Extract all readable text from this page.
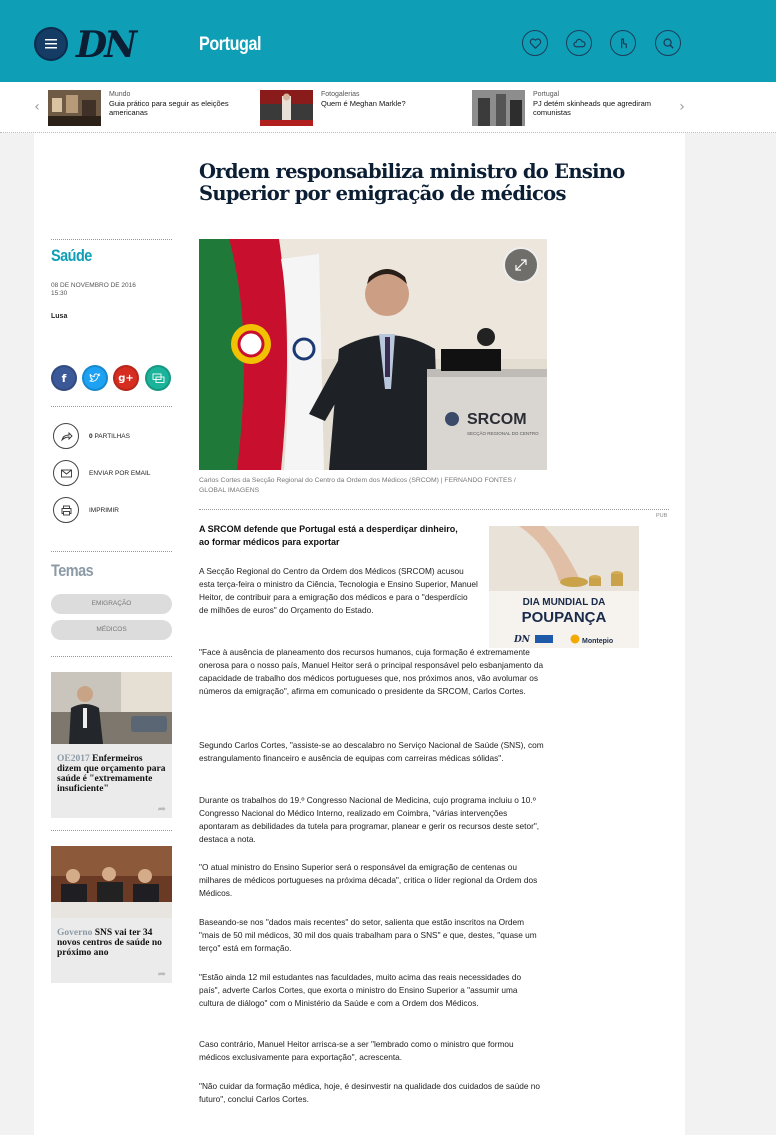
DN	Portugal
‹
Mundo
Guia prático para seguir as eleições americanas
Fotogalerias
Quem é Meghan Markle?
Portugal
PJ detém skinheads que agrediram comunistas	›
Saúde
08 DE NOVEMBRO DE 2016
15:30
Lusa
f	g+
0 PARTILHAS
ENVIAR POR EMAIL
IMPRIMIR
Temas
EMIGRAÇÃO
MÉDICOS
OE2017 Enfermeiros dizem que orçamento para saúde é "extremamente insuficiente"
➦
Governo SNS vai ter 34 novos centros de saúde no próximo ano
➦
Ordem responsabiliza ministro do Ensino Superior por emigração de médicos
SRCOM
SECÇÃO REGIONAL DO CENTRO
Carlos Cortes da Secção Regional do Centro da Ordem dos Médicos (SRCOM) | FERNANDO FONTES / GLOBAL IMAGENS
PUB
DIA MUNDIAL DA
POUPANÇA
DN	Montepio
A SRCOM defende que Portugal está a desperdiçar dinheiro, ao formar médicos para exportar

A Secção Regional do Centro da Ordem dos Médicos (SRCOM) acusou esta terça-feira o ministro da Ciência, Tecnologia e Ensino Superior, Manuel Heitor, de contribuir para a emigração dos médicos e para o "desperdício de milhões de euros" do Orçamento do Estado.

"Face à ausência de planeamento dos recursos humanos, cuja formação é extremamente onerosa para o nosso país, Manuel Heitor será o principal responsável pelo esbanjamento da capacidade de trabalho dos médicos portugueses que, nos próximos anos, vão avolumar os números da emigração", afirma em comunicado o presidente da SRCOM, Carlos Cortes.

Segundo Carlos Cortes, "assiste-se ao descalabro no Serviço Nacional de Saúde (SNS), com estrangulamento financeiro e ausência de equipas com carreiras médicas sólidas".

Durante os trabalhos do 19.º Congresso Nacional de Medicina, cujo programa incluiu o 10.º Congresso Nacional do Médico Interno, realizado em Coimbra, "várias intervenções apontaram as debilidades da tutela para programar, planear e gerir os recursos deste setor", destaca a nota.

"O atual ministro do Ensino Superior será o responsável da emigração de centenas ou milhares de médicos portugueses na próxima década", critica o líder regional da Ordem dos Médicos.

Baseando-se nos "dados mais recentes" do setor, salienta que estão inscritos na Ordem "mais de 50 mil médicos, 30 mil dos quais trabalham para o SNS" e que, destes, "quase um terço" está em formação.

"Estão ainda 12 mil estudantes nas faculdades, muito acima das reais necessidades do país", adverte Carlos Cortes, que exorta o ministro do Ensino Superior a "assumir uma cultura de diálogo" com o Ministério da Saúde e com a Ordem dos Médicos.

Caso contrário, Manuel Heitor arrisca-se a ser "lembrado como o ministro que formou médicos exclusivamente para exportação", acrescenta.

"Não cuidar da formação médica, hoje, é desinvestir na qualidade dos cuidados de saúde no futuro", conclui Carlos Cortes.
